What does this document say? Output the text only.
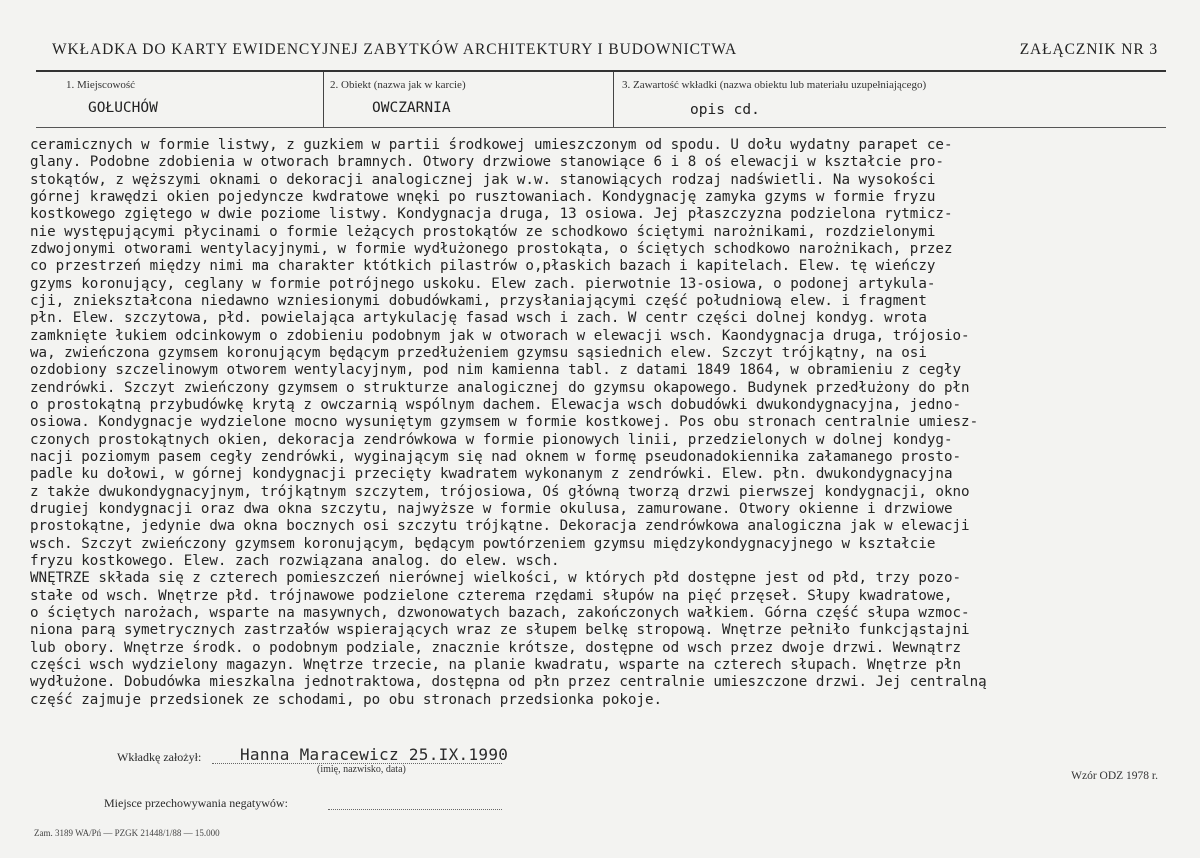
WKŁADKA DO KARTY EWIDENCYJNEJ ZABYTKÓW ARCHITEKTURY I BUDOWNICTWA	ZAŁĄCZNIK NR 3
1. Miejscowość
GOŁUCHÓW
2. Obiekt (nazwa jak w karcie)
OWCZARNIA
3. Zawartość wkładki (nazwa obiektu lub materiału uzupełniającego)
opis cd.
ceramicznych w formie listwy, z guzkiem w partii środkowej umieszczonym od spodu. U dołu wydatny parapet ce-
glany. Podobne zdobienia w otworach bramnych. Otwory drzwiowe stanowiące 6 i 8 oś elewacji w kształcie pro-
stokątów, z węższymi oknami o dekoracji analogicznej jak w.w. stanowiących rodzaj nadświetli. Na wysokości
górnej krawędzi okien pojedyncze kwdratowe wnęki po rusztowaniach. Kondygnację zamyka gzyms w formie fryzu
kostkowego zgiętego w dwie poziome listwy. Kondygnacja druga, 13 osiowa. Jej płaszczyzna podzielona rytmicz-
nie występującymi płycinami o formie leżących prostokątów ze schodkowo ściętymi narożnikami, rozdzielonymi
zdwojonymi otworami wentylacyjnymi, w formie wydłużonego prostokąta, o ściętych schodkowo narożnikach, przez
co przestrzeń między nimi ma charakter któtkich pilastrów o,płaskich bazach i kapitelach. Elew. tę wieńczy
gzyms koronujący, ceglany w formie potrójnego uskoku. Elew zach. pierwotnie 13-osiowa, o podonej artykula-
cji, zniekształcona niedawno wzniesionymi dobudówkami, przysłaniającymi część południową elew. i fragment
płn. Elew. szczytowa, płd. powielająca artykulację fasad wsch i zach. W centr części dolnej kondyg. wrota
zamknięte łukiem odcinkowym o zdobieniu podobnym jak w otworach w elewacji wsch. Kaondygnacja druga, trójosio-
wa, zwieńczona gzymsem koronującym będącym przedłużeniem gzymsu sąsiednich elew. Szczyt trójkątny, na osi
ozdobiony szczelinowym otworem wentylacyjnym, pod nim kamienna tabl. z datami 1849 1864, w obramieniu z cegły
zendrówki. Szczyt zwieńczony gzymsem o strukturze analogicznej do gzymsu okapowego. Budynek przedłużony do płn
o prostokątną przybudówkę krytą z owczarnią wspólnym dachem. Elewacja wsch dobudówki dwukondygnacyjna, jedno-
osiowa. Kondygnacje wydzielone mocno wysuniętym gzymsem w formie kostkowej. Pos obu stronach centralnie umiesz-
czonych prostokątnych okien, dekoracja zendrówkowa w formie pionowych linii, przedzielonych w dolnej kondyg-
nacji poziomym pasem cegły zendrówki, wyginającym się nad oknem w formę pseudonadokiennika załamanego prosto-
padle ku dołowi, w górnej kondygnacji przecięty kwadratem wykonanym z zendrówki. Elew. płn. dwukondygnacyjna
z także dwukondygnacyjnym, trójkątnym szczytem, trójosiowa, Oś główną tworzą drzwi pierwszej kondygnacji, okno
drugiej kondygnacji oraz dwa okna szczytu, najwyższe w formie okulusa, zamurowane. Otwory okienne i drzwiowe
prostokątne, jedynie dwa okna bocznych osi szczytu trójkątne. Dekoracja zendrówkowa analogiczna jak w elewacji
wsch. Szczyt zwieńczony gzymsem koronującym, będącym powtórzeniem gzymsu międzykondygnacyjnego w kształcie
fryzu kostkowego. Elew. zach rozwiązana analog. do elew. wsch.
WNĘTRZE składa się z czterech pomieszczeń nierównej wielkości, w których płd dostępne jest od płd, trzy pozo-
stałe od wsch. Wnętrze płd. trójnawowe podzielone czterema rzędami słupów na pięć przęseł. Słupy kwadratowe,
o ściętych narożach, wsparte na masywnych, dzwonowatych bazach, zakończonych wałkiem. Górna część słupa wzmoc-
niona parą symetrycznych zastrzałów wspierających wraz ze słupem belkę stropową. Wnętrze pełniło funkcjąstajni
lub obory. Wnętrze środk. o podobnym podziale, znacznie krótsze, dostępne od wsch przez dwoje drzwi. Wewnątrz
części wsch wydzielony magazyn. Wnętrze trzecie, na planie kwadratu, wsparte na czterech słupach. Wnętrze płn
wydłużone. Dobudówka mieszkalna jednotraktowa, dostępna od płn przez centralnie umieszczone drzwi. Jej centralną
część zajmuje przedsionek ze schodami, po obu stronach przedsionka pokoje.
Wkładkę założył: Hanna Maracewicz 25.IX.1990
(imię, nazwisko, data)
Wzór ODZ 1978 r.
Miejsce przechowywania negatywów:
Zam. 3189 WA/Pń — PZGK 21448/1/88 — 15.000
